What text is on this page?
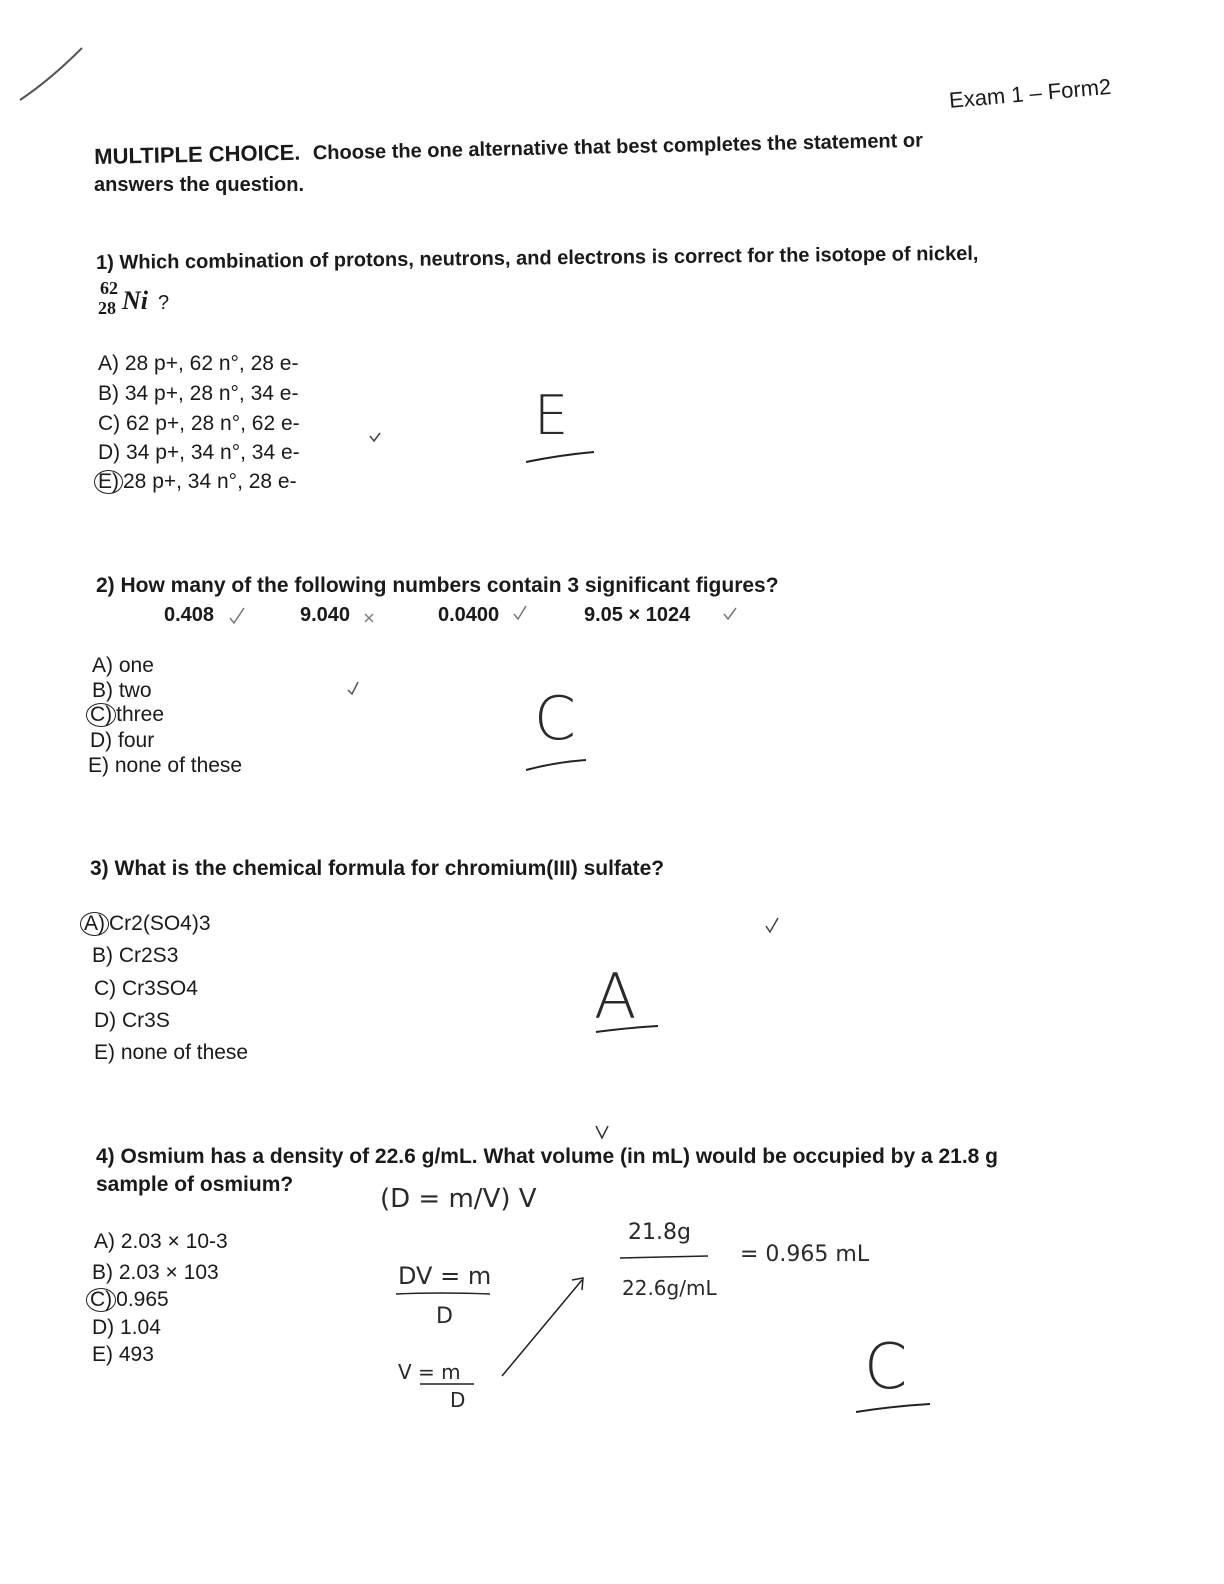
Exam 1 – Form2
MULTIPLE CHOICE. Choose the one alternative that best completes the statement or
answers the question.
1) Which combination of protons, neutrons, and electrons is correct for the isotope of nickel,
62
28 Ni ?
A) 28 p+, 62 n°, 28 e-
B) 34 p+, 28 n°, 34 e-
C) 62 p+, 28 n°, 62 e-
D) 34 p+, 34 n°, 34 e-
E) 28 p+, 34 n°, 28 e-
E
2) How many of the following numbers contain 3 significant figures?
0.408	9.040	0.0400	9.05 × 1024
A) one
B) two
C) three
D) four
E) none of these
C
3) What is the chemical formula for chromium(III) sulfate?
A) Cr2(SO4)3
B) Cr2S3
C) Cr3SO4
D) Cr3S
E) none of these
A
4) Osmium has a density of 22.6 g/mL. What volume (in mL) would be occupied by a 21.8 g
sample of osmium?
A) 2.03 × 10-3
B) 2.03 × 103
C) 0.965
D) 1.04
E) 493
(D = m/V) V
DV = m
D
V = m
D
21.8g
22.6g/mL
= 0.965 mL
C
